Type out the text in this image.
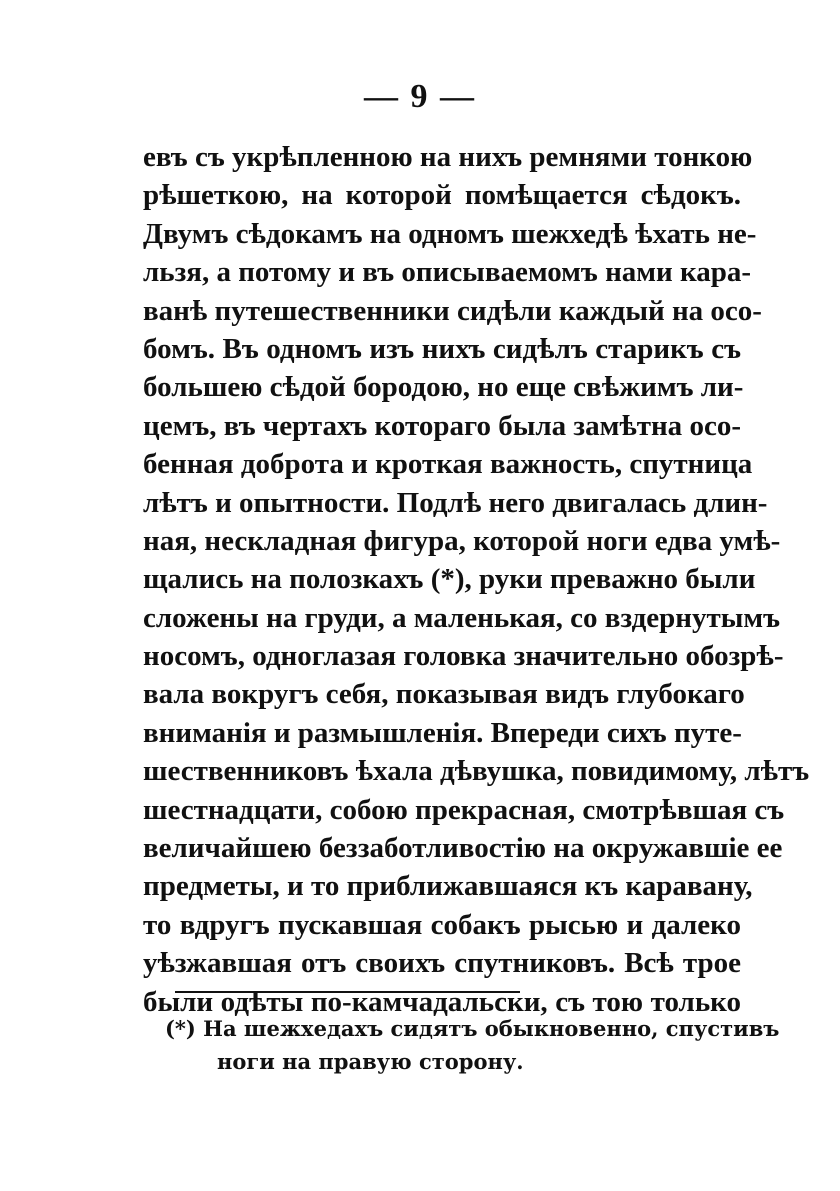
— 9 —
евъ съ укрѣпленною на нихъ ремнями тонкою
рѣшеткою, на которой помѣщается сѣдокъ.
Двумъ сѣдокамъ на одномъ шежхедѣ ѣхать не-
льзя, а потому и въ описываемомъ нами кара-
ванѣ путешественники сидѣли каждый на осо-
бомъ. Въ одномъ изъ нихъ сидѣлъ старикъ съ
большею сѣдой бородою, но еще свѣжимъ ли-
цемъ, въ чертахъ котораго была замѣтна осо-
бенная доброта и кроткая важность, спутница
лѣтъ и опытности. Подлѣ него двигалась длин-
ная, нескладная фигура, которой ноги едва умѣ-
щались на полозкахъ (*), руки преважно были
сложены на груди, а маленькая, со вздернутымъ
носомъ, одноглазая головка значительно обозрѣ-
вала вокругъ себя, показывая видъ глубокаго
вниманія и размышленія. Впереди сихъ путе-
шественниковъ ѣхала дѣвушка, повидимому, лѣтъ
шестнадцати, собою прекрасная, смотрѣвшая съ
величайшею беззаботливостію на окружавшіе ее
предметы, и то приближавшаяся къ каравану,
то вдругъ пускавшая собакъ рысью и далеко
уѣзжавшая отъ своихъ спутниковъ. Всѣ трое
были одѣты по-камчадальски, съ тою только
(*) На шежхедахъ сидятъ обыкновенно, спустивъ
ноги на правую сторону.
